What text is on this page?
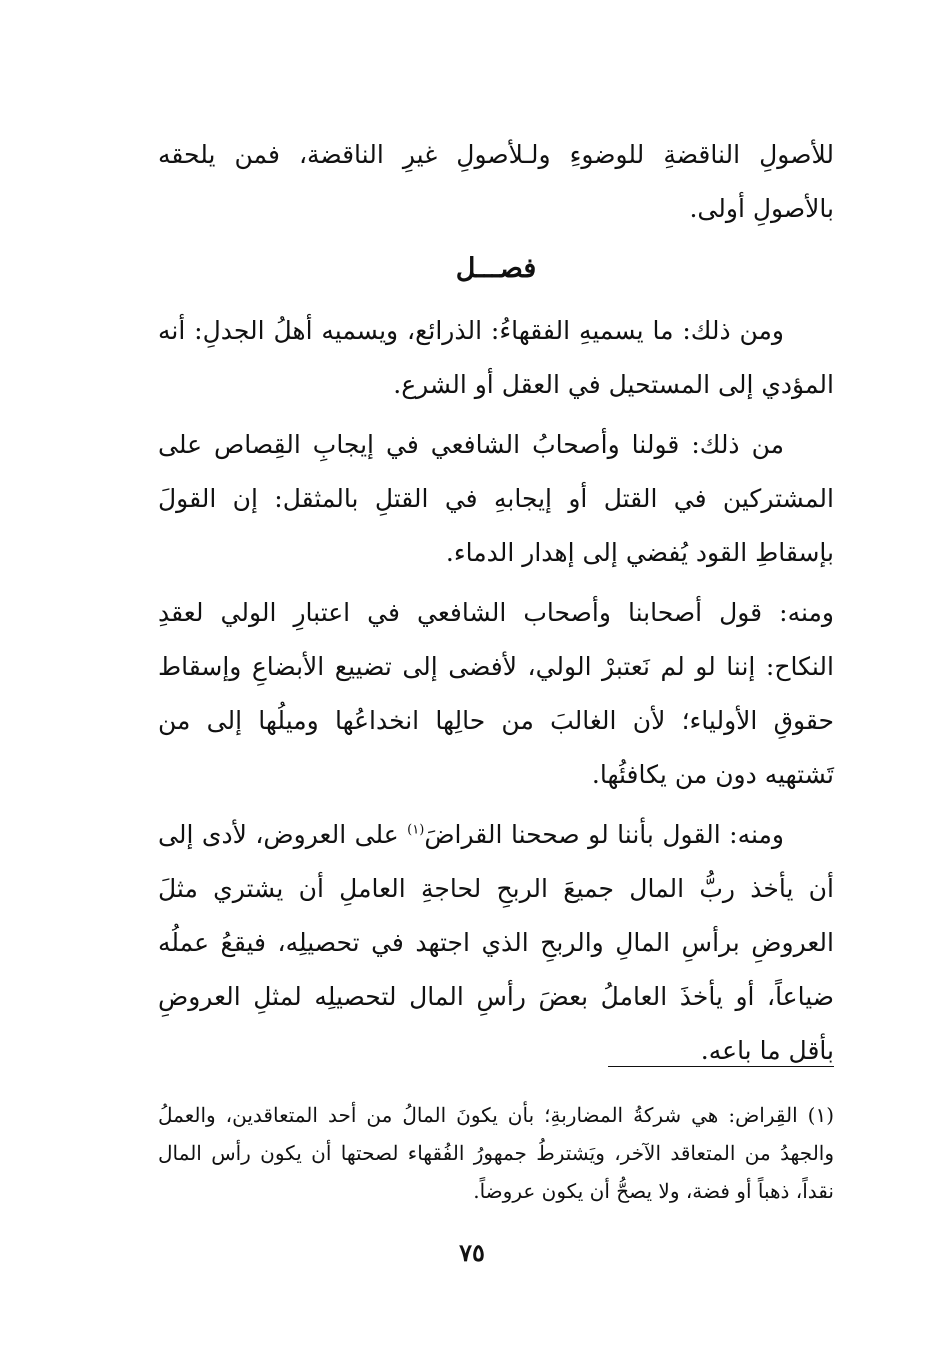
للأصولِ الناقضةِ للوضوءِ ولـلأصولِ غيرِ الناقضة، فمن يلحقه بالأصولِ أولى.

فصـــل

ومن ذلك: ما يسميهِ الفقهاءُ: الذرائع، ويسميه أهلُ الجدلِ: أنه المؤدي إلى المستحيل في العقل أو الشرع.

من ذلك: قولنا وأصحابُ الشافعي في إيجابِ القِصاص على المشتركين في القتل أو إيجابهِ في القتلِ بالمثقل: إن القولَ بإسقاطِ القود يُفضي إلى إهدار الدماء.

ومنه: قول أصحابنا وأصحاب الشافعي في اعتبارِ الولي لعقدِ النكاح: إننا لو لم نَعتبرْ الولي، لأفضى إلى تضييع الأبضاعِ وإسقاط حقوقِ الأولياء؛ لأن الغالبَ من حالِها انخداعُها وميلُها إلى من تَشتهيه دون من يكافئُها.

ومنه: القول بأننا لو صححنا القراضَ$^{(١)}$ على العروض، لأدى إلى أن يأخذ ربُّ المال جميعَ الربحِ لحاجةِ العاملِ أن يشتري مثلَ العروضِ برأسِ المالِ والربحِ الذي اجتهد في تحصيلِه، فيقعُ عملُه ضياعاً، أو يأخذَ العاملُ بعضَ رأسِ المال لتحصيلِه لمثلِ العروضِ بأقل ما باعه.

(١) القِراض: هي شركةُ المضاربةِ؛ بأن يكونَ المالُ من أحد المتعاقدين، والعملُ والجهدُ من المتعاقد الآخر، ويَشترطُ جمهورُ الفُقهاء لصحتها أن يكون رأس المال نقداً، ذهباً أو فضة، ولا يصحُّ أن يكون عروضاً.
٧٥
